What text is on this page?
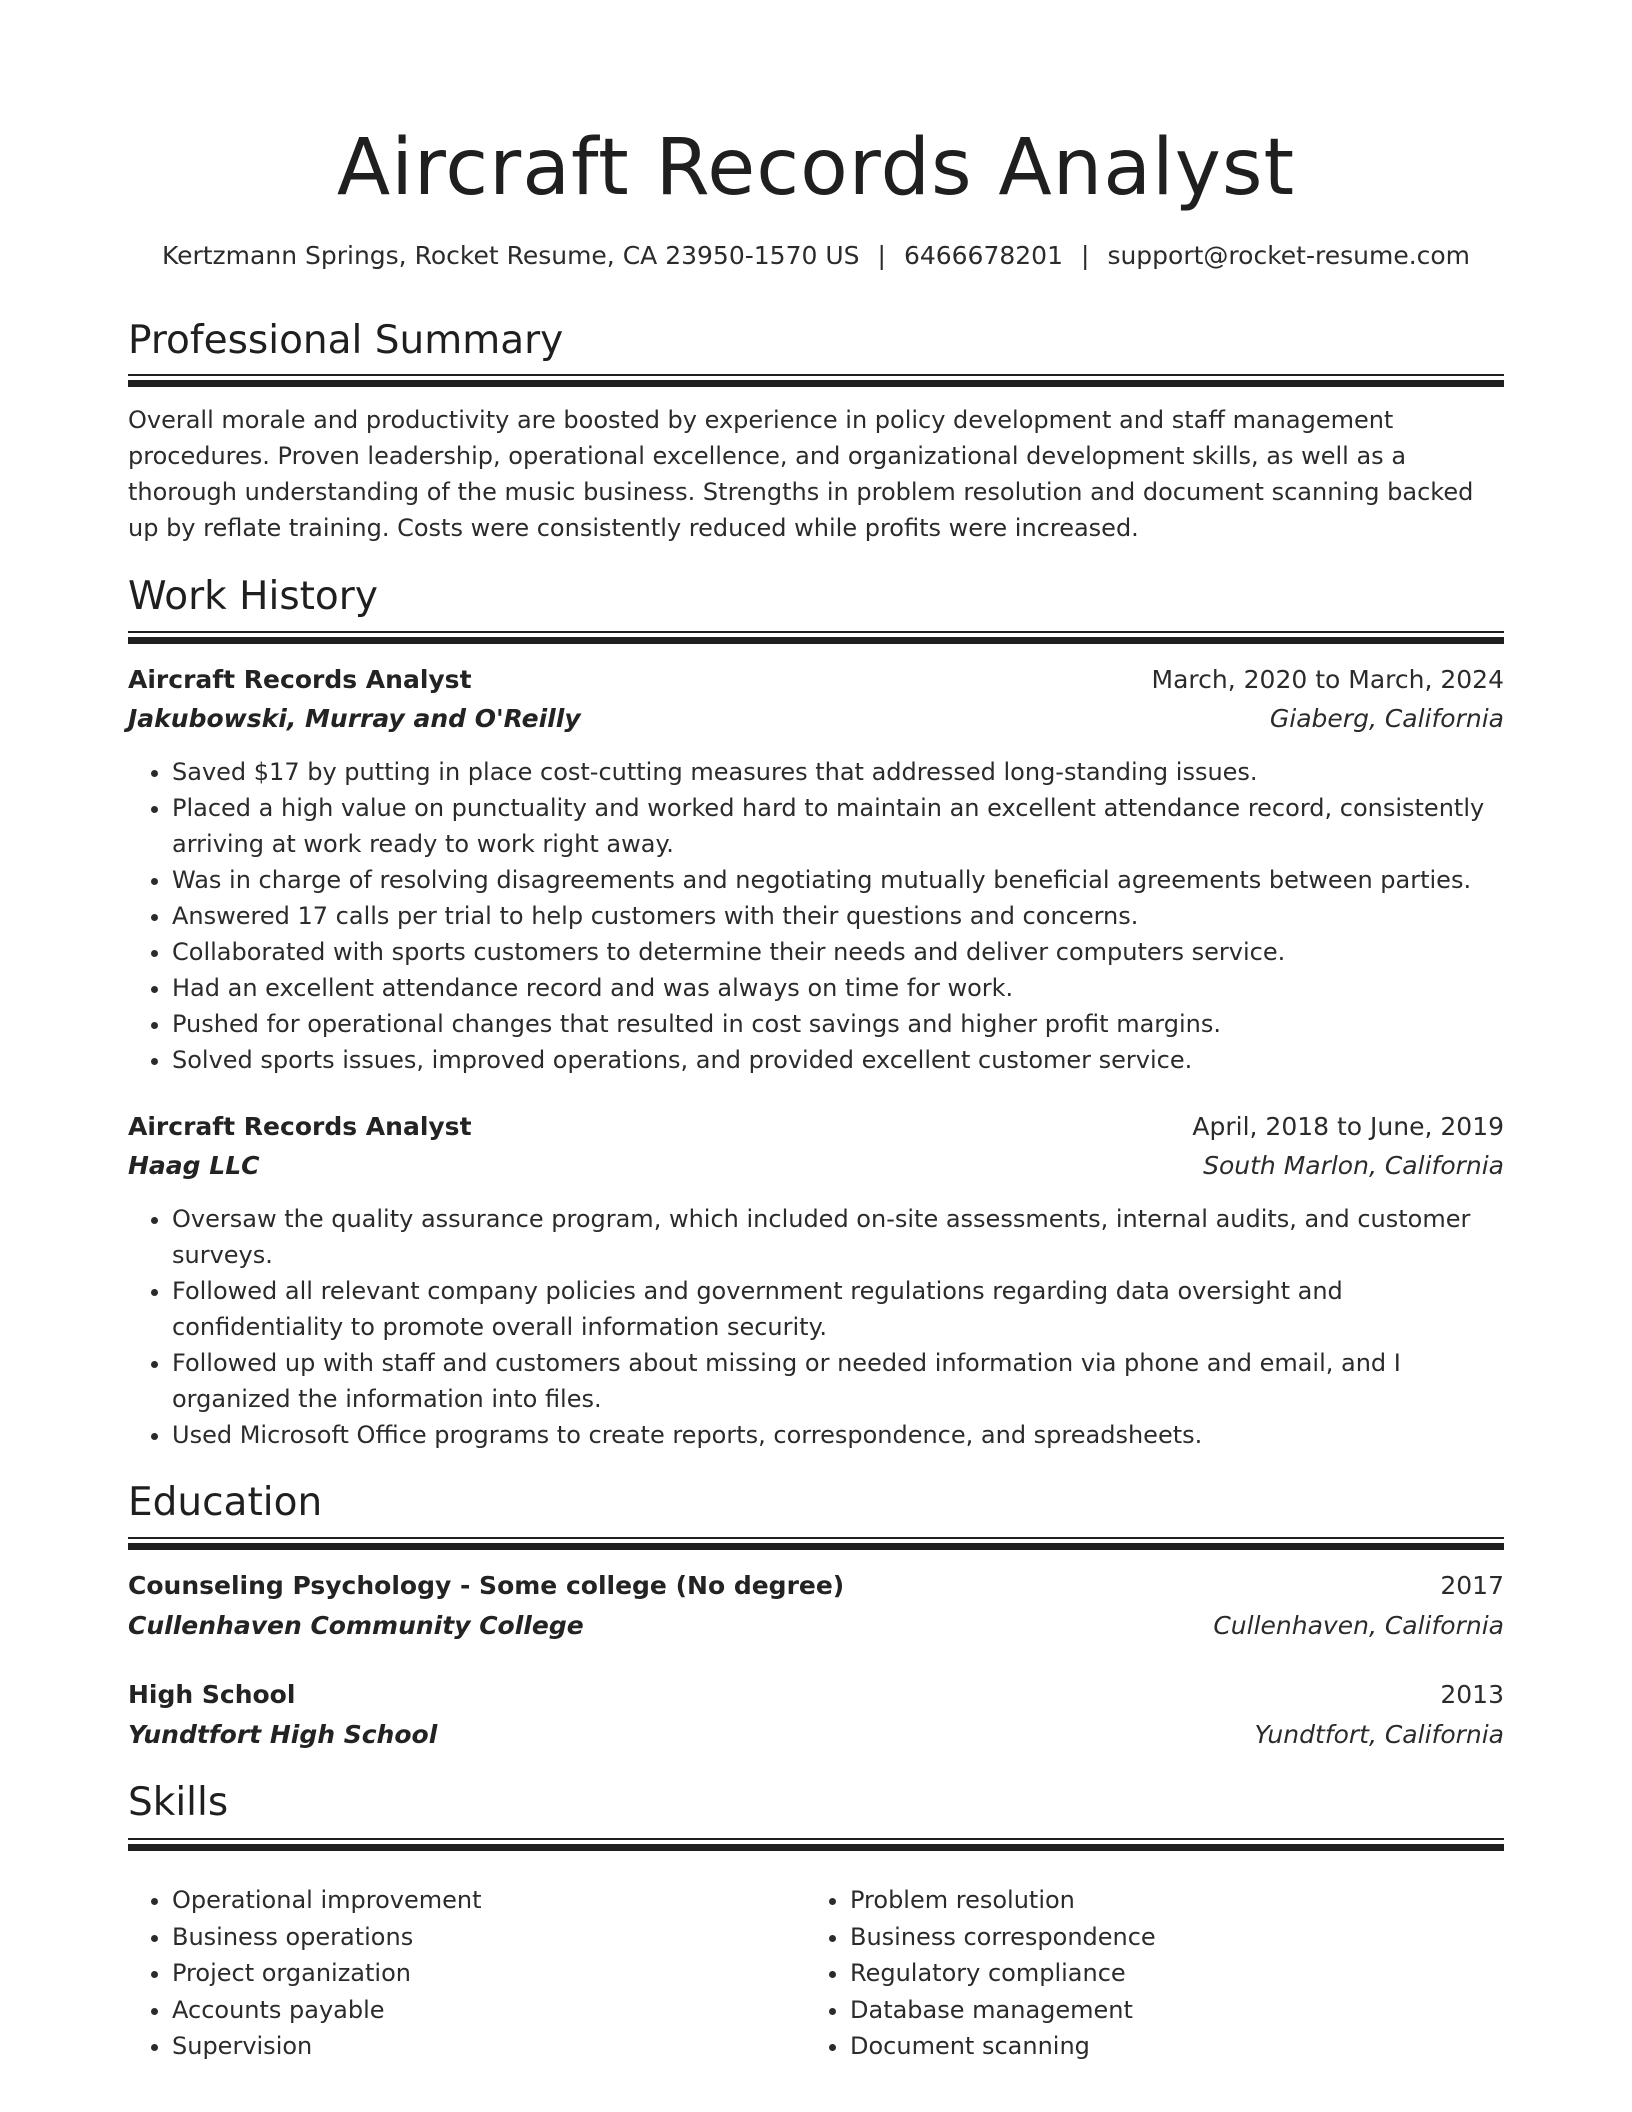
Aircraft Records Analyst
Kertzmann Springs, Rocket Resume, CA 23950-1570 US | 6466678201 | support@rocket-resume.com
Professional Summary

Overall morale and productivity are boosted by experience in policy development and staff management procedures. Proven leadership, operational excellence, and organizational development skills, as well as a thorough understanding of the music business. Strengths in problem resolution and document scanning backed up by reflate training. Costs were consistently reduced while profits were increased.

Work History
Aircraft Records Analyst	March, 2020 to March, 2024
Jakubowski, Murray and O'Reilly	Giaberg, California
• Saved $17 by putting in place cost-cutting measures that addressed long-standing issues.
• Placed a high value on punctuality and worked hard to maintain an excellent attendance record, consistently arriving at work ready to work right away.
• Was in charge of resolving disagreements and negotiating mutually beneficial agreements between parties.
• Answered 17 calls per trial to help customers with their questions and concerns.
• Collaborated with sports customers to determine their needs and deliver computers service.
• Had an excellent attendance record and was always on time for work.
• Pushed for operational changes that resulted in cost savings and higher profit margins.
• Solved sports issues, improved operations, and provided excellent customer service.
Aircraft Records Analyst	April, 2018 to June, 2019
Haag LLC	South Marlon, California
• Oversaw the quality assurance program, which included on-site assessments, internal audits, and customer surveys.
• Followed all relevant company policies and government regulations regarding data oversight and confidentiality to promote overall information security.
• Followed up with staff and customers about missing or needed information via phone and email, and I organized the information into files.
• Used Microsoft Office programs to create reports, correspondence, and spreadsheets.
Education
Counseling Psychology - Some college (No degree)	2017
Cullenhaven Community College	Cullenhaven, California
High School	2013
Yundtfort High School	Yundtfort, California
Skills
• Operational improvement
• Business operations
• Project organization
• Accounts payable
• Supervision
• Problem resolution
• Business correspondence
• Regulatory compliance
• Database management
• Document scanning
